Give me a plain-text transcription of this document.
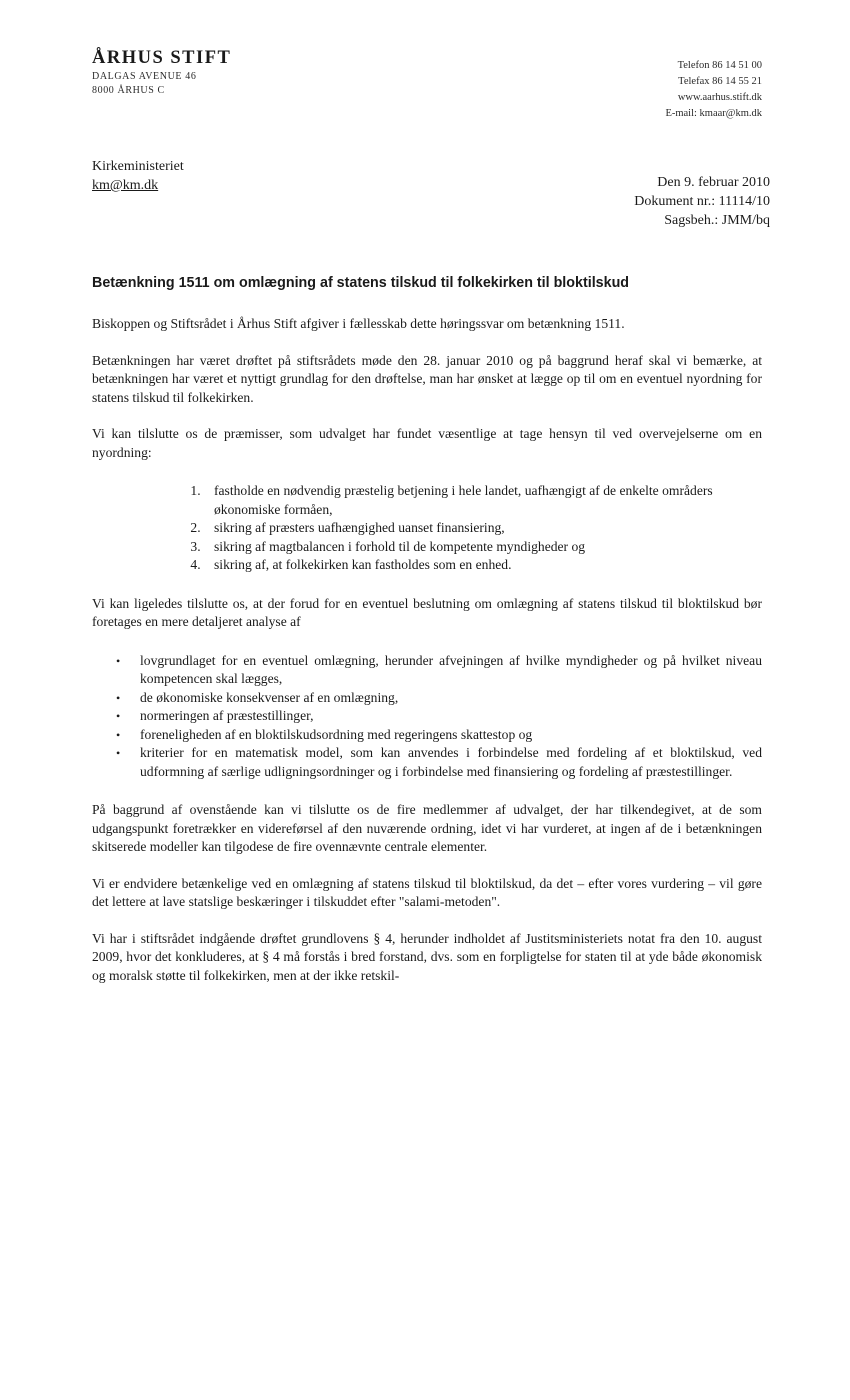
ÅRHUS STIFT
DALGAS AVENUE 46
8000 ÅRHUS C
Telefon 86 14 51 00
Telefax 86 14 55 21
www.aarhus.stift.dk
E-mail: kmaar@km.dk
Kirkeministeriet
km@km.dk	Den 9. februar 2010
Dokument nr.: 11114/10
Sagsbeh.: JMM/bq
Betænkning 1511 om omlægning af statens tilskud til folkekirken til bloktilskud

Biskoppen og Stiftsrådet i Århus Stift afgiver i fællesskab dette høringssvar om betænkning 1511.

Betænkningen har været drøftet på stiftsrådets møde den 28. januar 2010 og på baggrund heraf skal vi bemærke, at betænkningen har været et nyttigt grundlag for den drøftelse, man har ønsket at lægge op til om en eventuel nyordning for statens tilskud til folkekirken.

Vi kan tilslutte os de præmisser, som udvalget har fundet væsentlige at tage hensyn til ved overvejelserne om en nyordning:

1. fastholde en nødvendig præstelig betjening i hele landet, uafhængigt af de enkelte områders økonomiske formåen,
2. sikring af præsters uafhængighed uanset finansiering,
3. sikring af magtbalancen i forhold til de kompetente myndigheder og
4. sikring af, at folkekirken kan fastholdes som en enhed.

Vi kan ligeledes tilslutte os, at der forud for en eventuel beslutning om omlægning af statens tilskud til bloktilskud bør foretages en mere detaljeret analyse af

• lovgrundlaget for en eventuel omlægning, herunder afvejningen af hvilke myndigheder og på hvilket niveau kompetencen skal lægges,
• de økonomiske konsekvenser af en omlægning,
• normeringen af præstestillinger,
• foreneligheden af en bloktilskudsordning med regeringens skattestop og
• kriterier for en matematisk model, som kan anvendes i forbindelse med fordeling af et bloktilskud, ved udformning af særlige udligningsordninger og i forbindelse med finansiering og fordeling af præstestillinger.

På baggrund af ovenstående kan vi tilslutte os de fire medlemmer af udvalget, der har tilkendegivet, at de som udgangspunkt foretrækker en videreførsel af den nuværende ordning, idet vi har vurderet, at ingen af de i betænkningen skitserede modeller kan tilgodese de fire ovennævnte centrale elementer.

Vi er endvidere betænkelige ved en omlægning af statens tilskud til bloktilskud, da det – efter vores vurdering – vil gøre det lettere at lave statslige beskæringer i tilskuddet efter "salami-metoden".

Vi har i stiftsrådet indgående drøftet grundlovens § 4, herunder indholdet af Justitsministeriets notat fra den 10. august 2009, hvor det konkluderes, at § 4 må forstås i bred forstand, dvs. som en forpligtelse for staten til at yde både økonomisk og moralsk støtte til folkekirken, men at der ikke retskil-
